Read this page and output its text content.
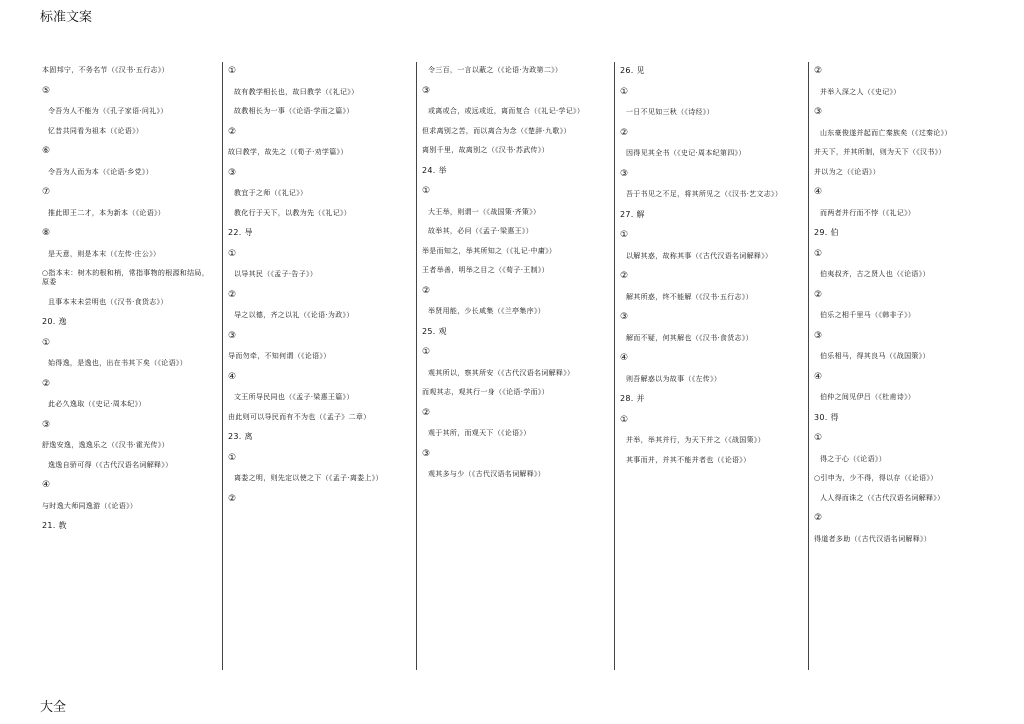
标准文案
本固邦宁，不务名节（《汉书·五行志》）
⑤
令吾为人不能为（《孔子家语·问礼》）
忆昔共同看为祖本（《论语》）
⑥
令吾为人而为本（《论语·乡党》）
⑦
推此即王二才，本为新本（《论语》）
⑧
是天意，则是本末（《左传·庄公》）
○指本末：树木的根和梢，常指事物的根源和结局，原委
且事本末未尝明也（《汉书·食货志》）
20. 逸
①
始得逸，是逸也，出在书其下矣（《论语》）
②
此必久逸取（《史记·周本纪》）
③
舒逸安逸，逸逸乐之（《汉书·霍光传》）
逸逸自骄可得（《古代汉语名词解释》）
④
与时逸大师同逸游（《论语》）
21. 教
①
故有教学相长也，故曰教学（《礼记》）
故教相长为一事（《论语·学而之篇》）
②
故曰教学，故先之（《荀子·劝学篇》）
③
教宜于之师（《礼记》）
教化行于天下，以教为先（《礼记》）
22. 导
①
以导其民（《孟子·告子》）
②
导之以德，齐之以礼（《论语·为政》）
③
导而勿牵，不知何谓（《论语》）
④
文王所导民同也（《孟子·梁惠王篇》）
由此则可以导民而有不为也（《孟子》二章）
23. 离
①
离娄之明，则先定以使之下（《孟子·离娄上》）
②
令三百，一言以蔽之（《论语·为政第二》）
③
或离或合，或远或近，离而复合（《礼记·学记》）
但求离别之苦，而以离合为念（《楚辞·九歌》）
离别千里，故离别之（《汉书·苏武传》）
24. 举
①
大王举，则谓一（《战国策·齐策》）
故举其，必问（《孟子·梁惠王》）
举是而知之，举其所知之（《礼记·中庸》）
王者举善，明举之目之（《荀子·王制》）
②
举贤用能，少长咸集（《兰亭集序》）
25. 观
①
观其所以，察其所安（《古代汉语名词解释》）
而观其志，观其行一身（《论语·学而》）
②
观于其所，而观天下（《论语》）
③
观其多与少（《古代汉语名词解释》）
26. 见
①
一日不见如三秋（《诗经》）
②
因得见其全书（《史记·周本纪第四》）
③
吾于书见之不足，将其所见之（《汉书·艺文志》）
27. 解
①
以解其惑，故称其事（《古代汉语名词解释》）
②
解其所惑，终不能解（《汉书·五行志》）
③
解而不疑，何其解也（《汉书·食货志》）
④
则吾解惑以为故事（《左传》）
28. 并
①
并举，举其并行，为天下并之（《战国策》）
其事而并，并其不能并者也（《论语》）
②
并举入深之人（《史记》）
③
山东豪俊遂并起而亡秦族矣（《过秦论》）
并天下，并其所制，则为天下（《汉书》）
并以为之（《论语》）
④
而两者并行而不悖（《礼记》）
29. 伯
①
伯夷叔齐，古之贤人也（《论语》）
②
伯乐之相千里马（《韩非子》）
③
伯乐相马，得其良马（《战国策》）
④
伯仲之间见伊吕（《杜甫诗》）
30. 得
①
得之于心（《论语》）
○引申为，少不得，得以存（《论语》）
人人得而诛之（《古代汉语名词解释》）
②
得道者多助（《古代汉语名词解释》）
大全
